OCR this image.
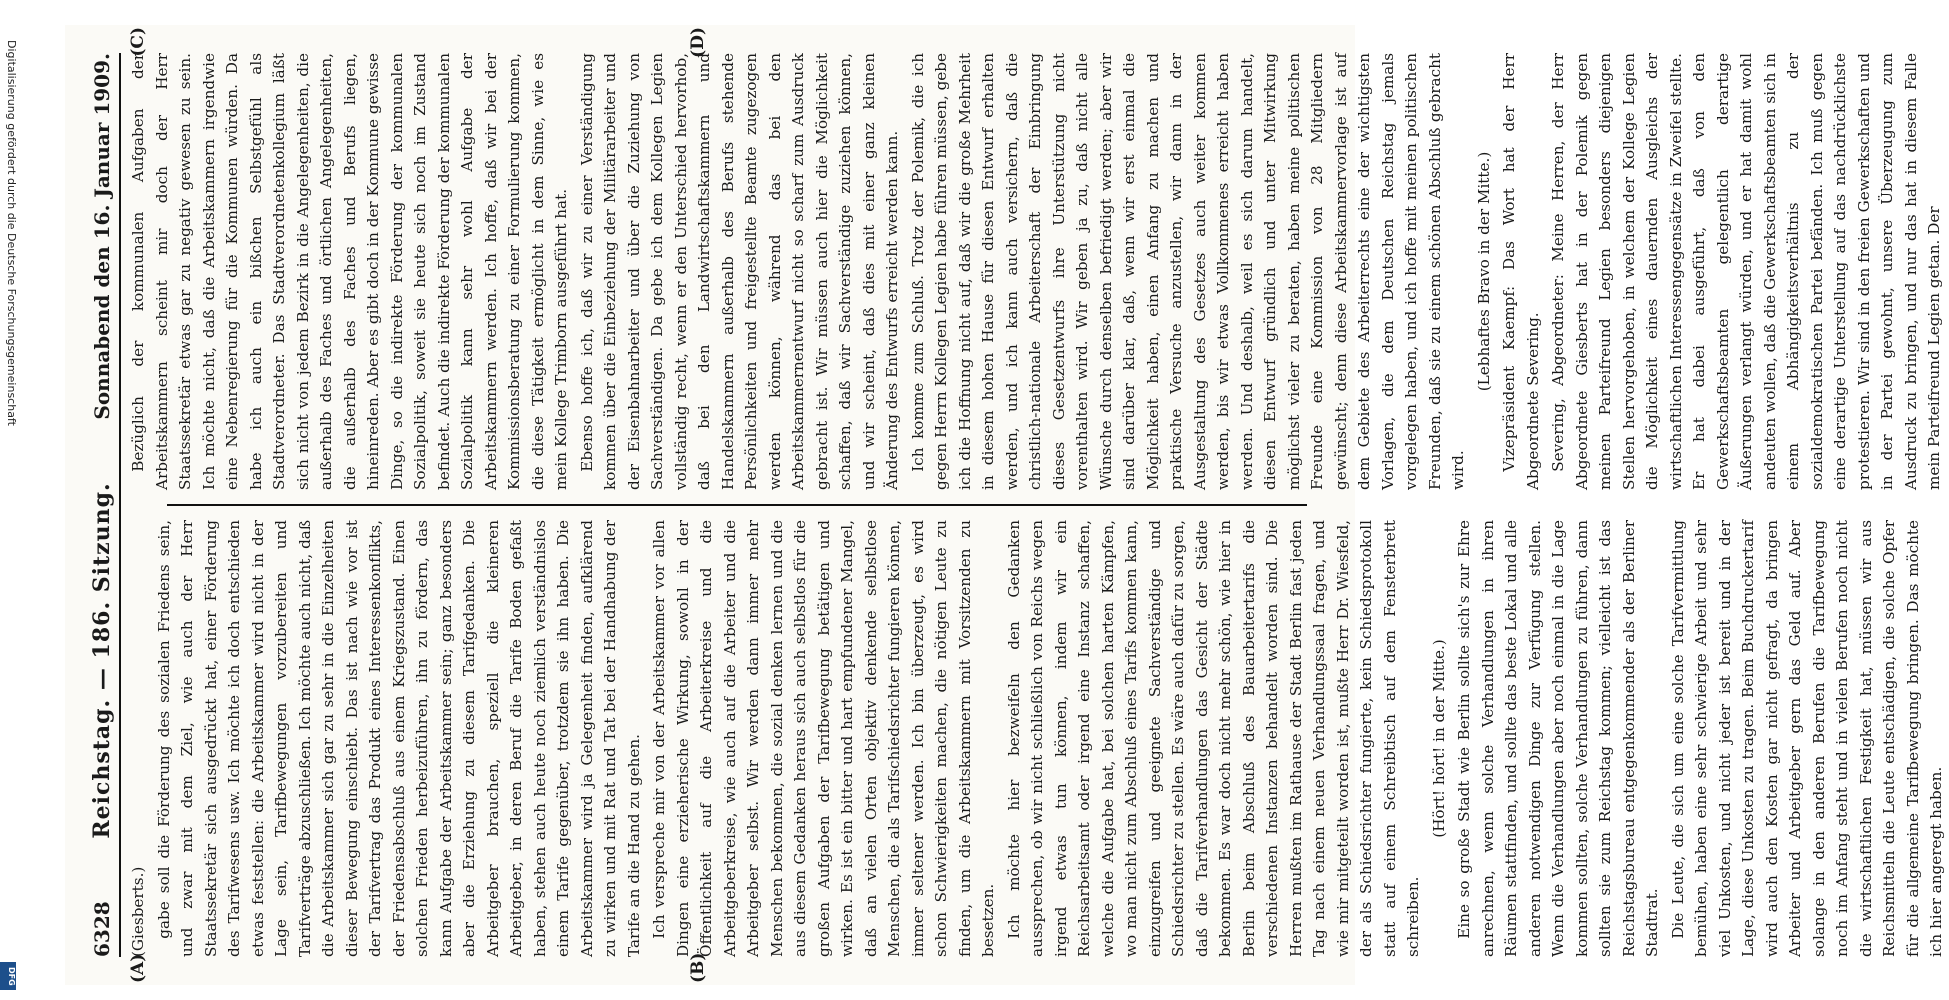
Digitalisierung gefördert durch die Deutsche Forschungsgemeinschaft
DFG
6328
Reichstag. — 186. Sitzung.
Sonnabend den 16. Januar 1909.
(A)	(B)

(Giesberts.) gabe soll die Förderung des sozialen Friedens sein, und zwar mit dem Ziel, wie auch der Herr Staatssekretär sich ausgedrückt hat, einer Förderung des Tarifwesens usw. Ich möchte ich doch entschieden etwas feststellen: die Arbeitskammer wird nicht in der Lage sein, Tarifbewegungen vorzubereiten und Tarifverträge abzuschließen. Ich möchte auch nicht, daß die Arbeitskammer sich gar zu sehr in die Einzelheiten dieser Bewegung einschiebt. Das ist nach wie vor ist der Tarifvertrag das Produkt eines Interessenkonflikts, der Friedensabschluß aus einem Kriegszustand. Einen solchen Frieden herbeizuführen, ihn zu fördern, das kann Aufgabe der Arbeitskammer sein; ganz besonders aber die Erziehung zu diesem Tarifgedanken. Die Arbeitgeber brauchen, speziell die kleineren Arbeitgeber, in deren Beruf die Tarife Boden gefaßt haben, stehen auch heute noch ziemlich verständnislos einem Tarife gegenüber, trotzdem sie ihn haben. Die Arbeitskammer wird ja Gelegenheit finden, aufklärend zu wirken und mit Rat und Tat bei der Handhabung der Tarife an die Hand zu gehen. Ich verspreche mir von der Arbeitskammer vor allen Dingen eine erzieherische Wirkung, sowohl in der Öffentlichkeit auf die Arbeiterkreise und die Arbeitgeberkreise, wie auch auf die Arbeiter und die Arbeitgeber selbst. Wir werden dann immer mehr Menschen bekommen, die sozial denken lernen und die aus diesem Gedanken heraus sich auch selbstlos für die großen Aufgaben der Tarifbewegung betätigen und wirken. Es ist ein bitter und hart empfundener Mangel, daß an vielen Orten objektiv denkende selbstlose Menschen, die als Tarifschiedsrichter fungieren können, immer seltener werden. Ich bin überzeugt, es wird schon Schwierigkeiten machen, die nötigen Leute zu finden, um die Arbeitskammern mit Vorsitzenden zu besetzen. Ich möchte hier bezweifeln den Gedanken aussprechen, ob wir nicht schließlich von Reichs wegen irgend etwas tun können, indem wir ein Reichsarbeitsamt oder irgend eine Instanz schaffen, welche die Aufgabe hat, bei solchen harten Kämpfen, wo man nicht zum Abschluß eines Tarifs kommen kann, einzugreifen und geeignete Sachverständige und Schiedsrichter zu stellen. Es wäre auch dafür zu sorgen, daß die Tarifverhandlungen das Gesicht der Städte bekommen. Es war doch nicht mehr schön, wie hier in Berlin beim Abschluß des Bauarbeitertarifs die verschiedenen Instanzen behandelt worden sind. Die Herren mußten im Rathause der Stadt Berlin fast jeden Tag nach einem neuen Verhandlungssaal fragen, und wie mir mitgeteilt worden ist, mußte Herr Dr. Wiesfeld, der als Schiedsrichter fungierte, kein Schiedsprotokoll statt auf einem Schreibtisch auf dem Fensterbrett schreiben.

(Hört! hört! in der Mitte.) Eine so große Stadt wie Berlin sollte sich's zur Ehre anrechnen, wenn solche Verhandlungen in ihren Räumen stattfinden, und sollte das beste Lokal und alle anderen notwendigen Dinge zur Verfügung stellen. Wenn die Verhandlungen aber noch einmal in die Lage kommen sollten, solche Verhandlungen zu führen, dann sollten sie zum Reichstag kommen; vielleicht ist das Reichstagsbureau entgegenkommender als der Berliner Stadtrat. Die Leute, die sich um eine solche Tarifvermittlung bemühen, haben eine sehr schwierige Arbeit und sehr viel Unkosten, und nicht jeder ist bereit und in der Lage, diese Unkosten zu tragen. Beim Buchdruckertarif wird auch den Kosten gar nicht gefragt, da bringen Arbeiter und Arbeitgeber gern das Geld auf. Aber solange in den anderen Berufen die Tarifbewegung noch im Anfang steht und in vielen Berufen noch nicht die wirtschaftlichen Festigkeit hat, müssen wir aus Reichsmitteln die Leute entschädigen, die solche Opfer für die allgemeine Tarifbewegung bringen. Das möchte ich hier angeregt haben.

(C)	(D)

Bezüglich der kommunalen Aufgaben der Arbeitskammern scheint mir doch der Herr Staatssekretär etwas gar zu negativ gewesen zu sein. Ich möchte nicht, daß die Arbeitskammern irgendwie eine Nebenregierung für die Kommunen würden. Da habe ich auch ein bißchen Selbstgefühl als Stadtverordneter. Das Stadtverordnetenkollegium läßt sich nicht von jedem Bezirk in die Angelegenheiten, die außerhalb des Faches und örtlichen Angelegenheiten, die außerhalb des Faches und Berufs liegen, hineinreden. Aber es gibt doch in der Kommune gewisse Dinge, so die indirekte Förderung der kommunalen Sozialpolitik, soweit sie heute sich noch im Zustand befindet. Auch die indirekte Förderung der kommunalen Sozialpolitik kann sehr wohl Aufgabe der Arbeitskammern werden. Ich hoffe, daß wir bei der Kommissionsberatung zu einer Formulierung kommen, die diese Tätigkeit ermöglicht in dem Sinne, wie es mein Kollege Trimborn ausgeführt hat. Ebenso hoffe ich, daß wir zu einer Verständigung kommen über die Einbeziehung der Militärarbeiter und der Eisenbahnarbeiter und über die Zuziehung von Sachverständigen. Da gebe ich dem Kollegen Legien vollständig recht, wenn er den Unterschied hervorhob, daß bei den Landwirtschaftskammern und Handelskammern außerhalb des Berufs stehende Persönlichkeiten und freigestellte Beamte zugezogen werden können, während das bei den Arbeitskammernentwurf nicht so scharf zum Ausdruck gebracht ist. Wir müssen auch hier die Möglichkeit schaffen, daß wir Sachverständige zuziehen können, und wir scheint, daß dies mit einer ganz kleinen Änderung des Entwurfs erreicht werden kann. Ich komme zum Schluß. Trotz der Polemik, die ich gegen Herrn Kollegen Legien habe führen müssen, gebe ich die Hoffnung nicht auf, daß wir die große Mehrheit in diesem hohen Hause für diesen Entwurf erhalten werden, und ich kann auch versichern, daß die christlich-nationale Arbeiterschaft der Einbringung dieses Gesetzentwurfs ihre Unterstützung nicht vorenthalten wird. Wir geben ja zu, daß nicht alle Wünsche durch denselben befriedigt werden; aber wir sind darüber klar, daß, wenn wir erst einmal die Möglichkeit haben, einen Anfang zu machen und praktische Versuche anzustellen, wir dann in der Ausgestaltung des Gesetzes auch weiter kommen werden, bis wir etwas Vollkommenes erreicht haben werden. Und deshalb, weil es sich darum handelt, diesen Entwurf gründlich und unter Mitwirkung möglichst vieler zu beraten, haben meine politischen Freunde eine Kommission von 28 Mitgliedern gewünscht; denn diese Arbeitskammervorlage ist auf dem Gebiete des Arbeiterrechts eine der wichtigsten Vorlagen, die dem Deutschen Reichstag jemals vorgelegen haben, und ich hoffe mit meinen politischen Freunden, daß sie zu einem schönen Abschluß gebracht wird.

(Lebhaftes Bravo in der Mitte.) Vizepräsident Kaempf: Das Wort hat der Herr Abgeordnete Severing. Severing, Abgeordneter: Meine Herren, der Herr Abgeordnete Giesberts hat in der Polemik gegen meinen Parteifreund Legien besonders diejenigen Stellen hervorgehoben, in welchem der Kollege Legien die Möglichkeit eines dauernden Ausgleichs der wirtschaftlichen Interessengegensätze in Zweifel stellte. Er hat dabei ausgeführt, daß von den Gewerkschaftsbeamten gelegentlich derartige Äußerungen verlangt würden, und er hat damit wohl andeuten wollen, daß die Gewerkschaftsbeamten sich in einem Abhängigkeitsverhältnis zu der sozialdemokratischen Partei befänden. Ich muß gegen eine derartige Unterstellung auf das nachdrücklichste protestieren. Wir sind in den freien Gewerkschaften und in der Partei gewohnt, unsere Überzeugung zum Ausdruck zu bringen, und nur das hat in diesem Falle mein Parteifreund Legien getan. Der
